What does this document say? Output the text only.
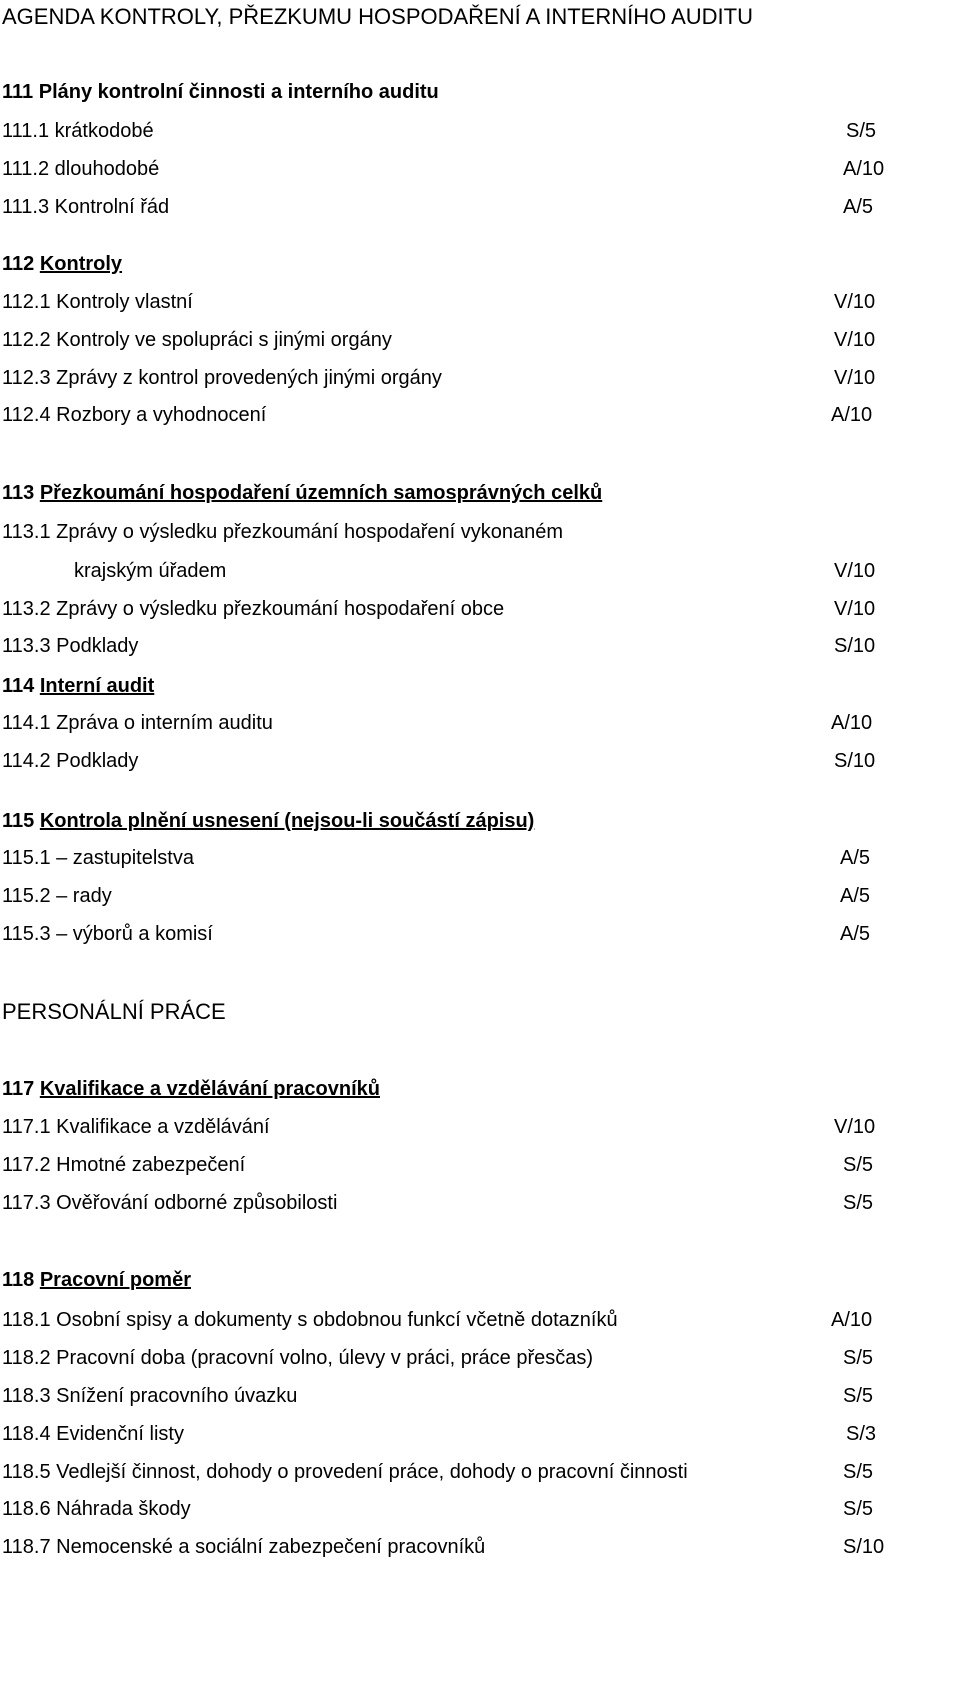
AGENDA KONTROLY, PŘEZKUMU HOSPODAŘENÍ A INTERNÍHO AUDITU
111 Plány kontrolní činnosti a interního auditu
111.1 krátkodobé	S/5
111.2 dlouhodobé	A/10
111.3 Kontrolní řád	A/5
112 Kontroly
112.1 Kontroly vlastní	V/10
112.2 Kontroly ve spolupráci s jinými orgány	V/10
112.3 Zprávy z kontrol provedených jinými orgány	V/10
112.4 Rozbory a vyhodnocení	A/10
113 Přezkoumání hospodaření územních samosprávných celků
113.1 Zprávy o výsledku přezkoumání hospodaření vykonaném
krajským úřadem	V/10
113.2 Zprávy o výsledku přezkoumání hospodaření obce	V/10
113.3 Podklady	S/10
114 Interní audit
114.1 Zpráva o interním auditu	A/10
114.2 Podklady	S/10
115 Kontrola plnění usnesení (nejsou-li součástí zápisu)
115.1 – zastupitelstva	A/5
115.2 – rady	A/5
115.3 – výborů a komisí	A/5
PERSONÁLNÍ PRÁCE
117 Kvalifikace a vzdělávání pracovníků
117.1 Kvalifikace a vzdělávání	V/10
117.2 Hmotné zabezpečení	S/5
117.3 Ověřování odborné způsobilosti	S/5
118 Pracovní poměr
118.1 Osobní spisy a dokumenty s obdobnou funkcí včetně dotazníků	A/10
118.2 Pracovní doba (pracovní volno, úlevy v práci, práce přesčas)	S/5
118.3 Snížení pracovního úvazku	S/5
118.4 Evidenční listy	S/3
118.5 Vedlejší činnost, dohody o provedení práce, dohody o pracovní činnosti	S/5
118.6 Náhrada škody	S/5
118.7 Nemocenské a sociální zabezpečení pracovníků	S/10
